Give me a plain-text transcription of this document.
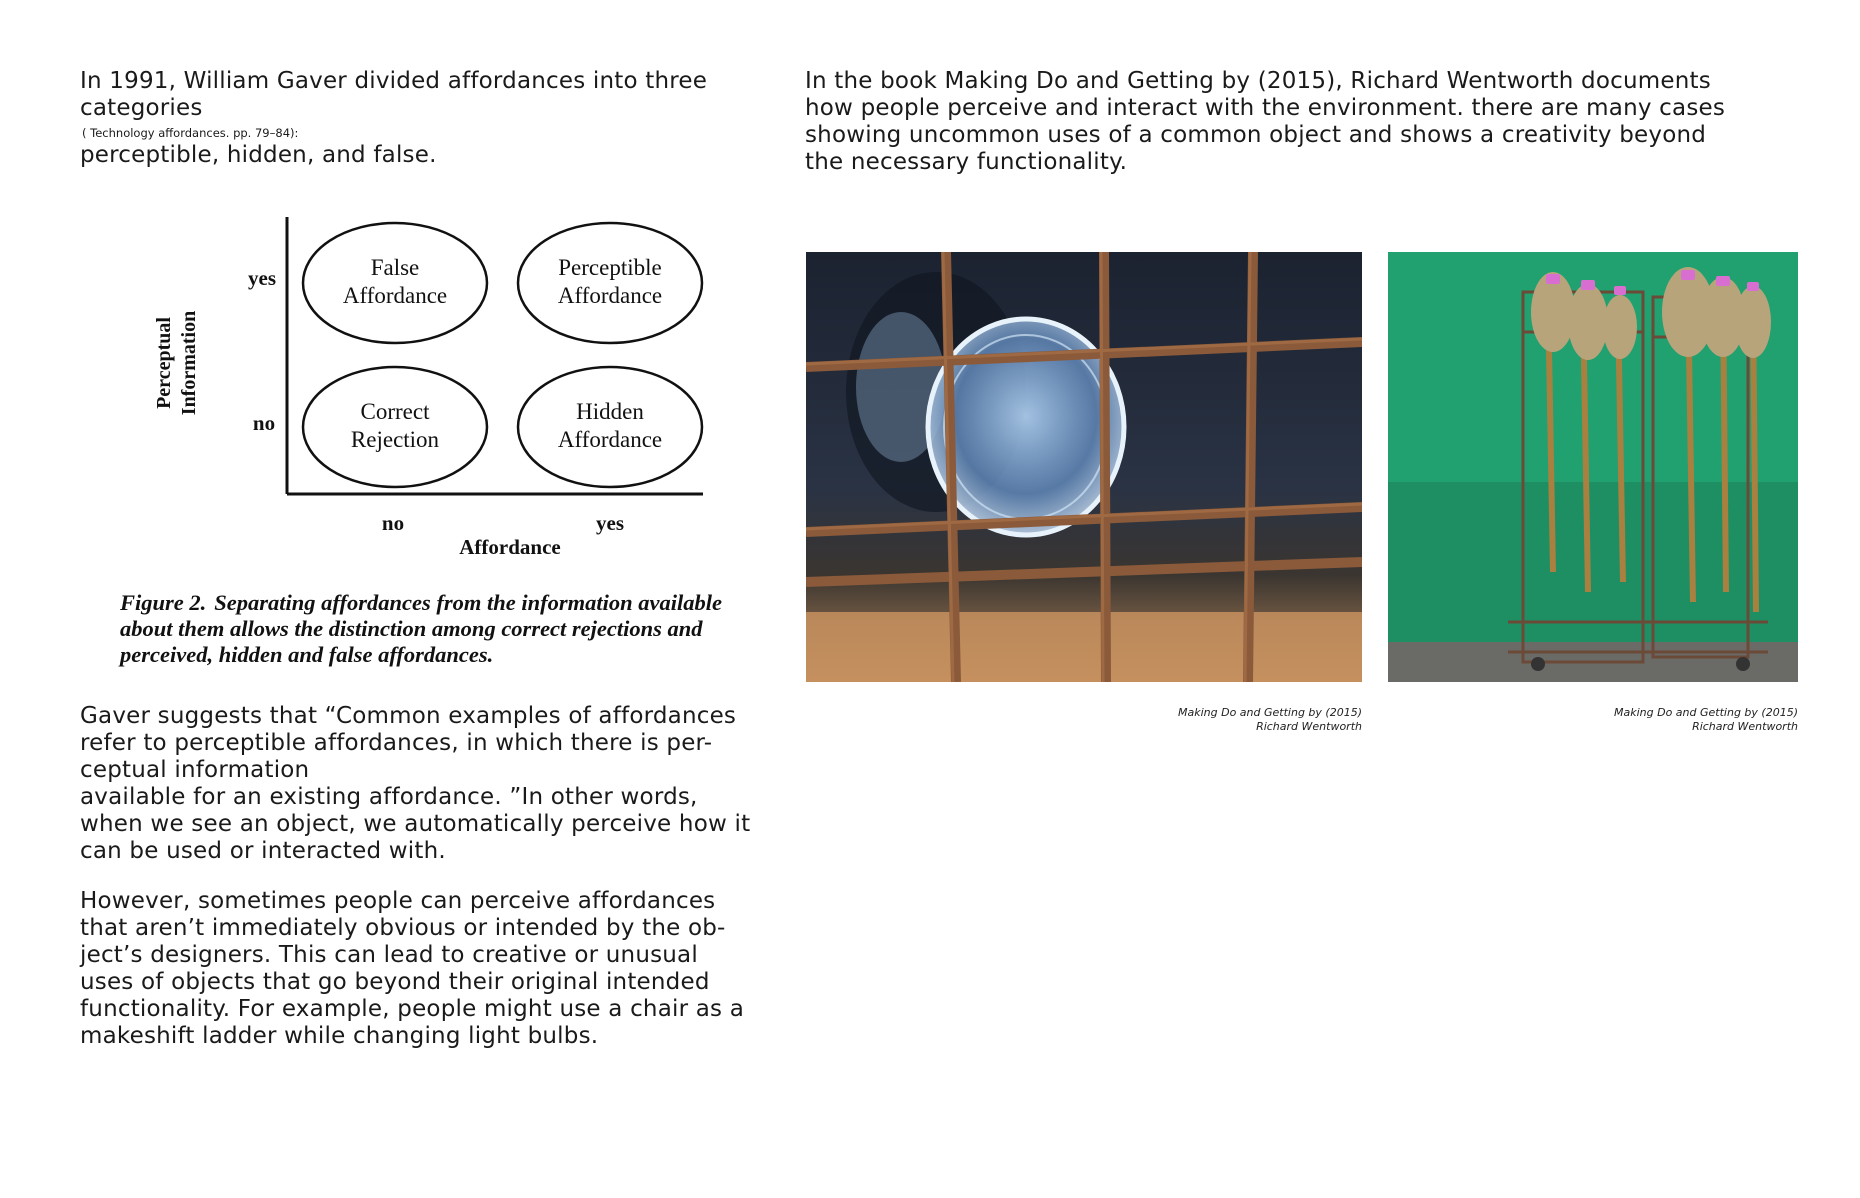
In 1991, William Gaver divided affordances into three categories

( Technology affordances. pp. 79–84):

perceptible, hidden, and false.

Perceptual Information
yes
no
False
Affordance
Perceptible
Affordance
Correct
Rejection
Hidden
Affordance
no	yes
Affordance

Figure 2. Separating affordances from the information available about them allows the distinction among correct rejections and perceived, hidden and false affordances.

Gaver suggests that “Common examples of affordances
refer to perceptible affordances, in which there is per-
ceptual information
available for an existing affordance. ”In other words,
when we see an object, we automatically perceive how it
can be used or interacted with.

However, sometimes people can perceive affordances
that aren’t immediately obvious or intended by the ob-
ject’s designers. This can lead to creative or unusual
uses of objects that go beyond their original intended
functionality. For example, people might use a chair as a
makeshift ladder while changing light bulbs.

In the book Making Do and Getting by (2015), Richard Wentworth documents
how people perceive and interact with the environment. there are many cases
showing uncommon uses of a common object and shows a creativity beyond
the necessary functionality.

Making Do and Getting by (2015)
Richard Wentworth
Making Do and Getting by (2015)
Richard Wentworth
